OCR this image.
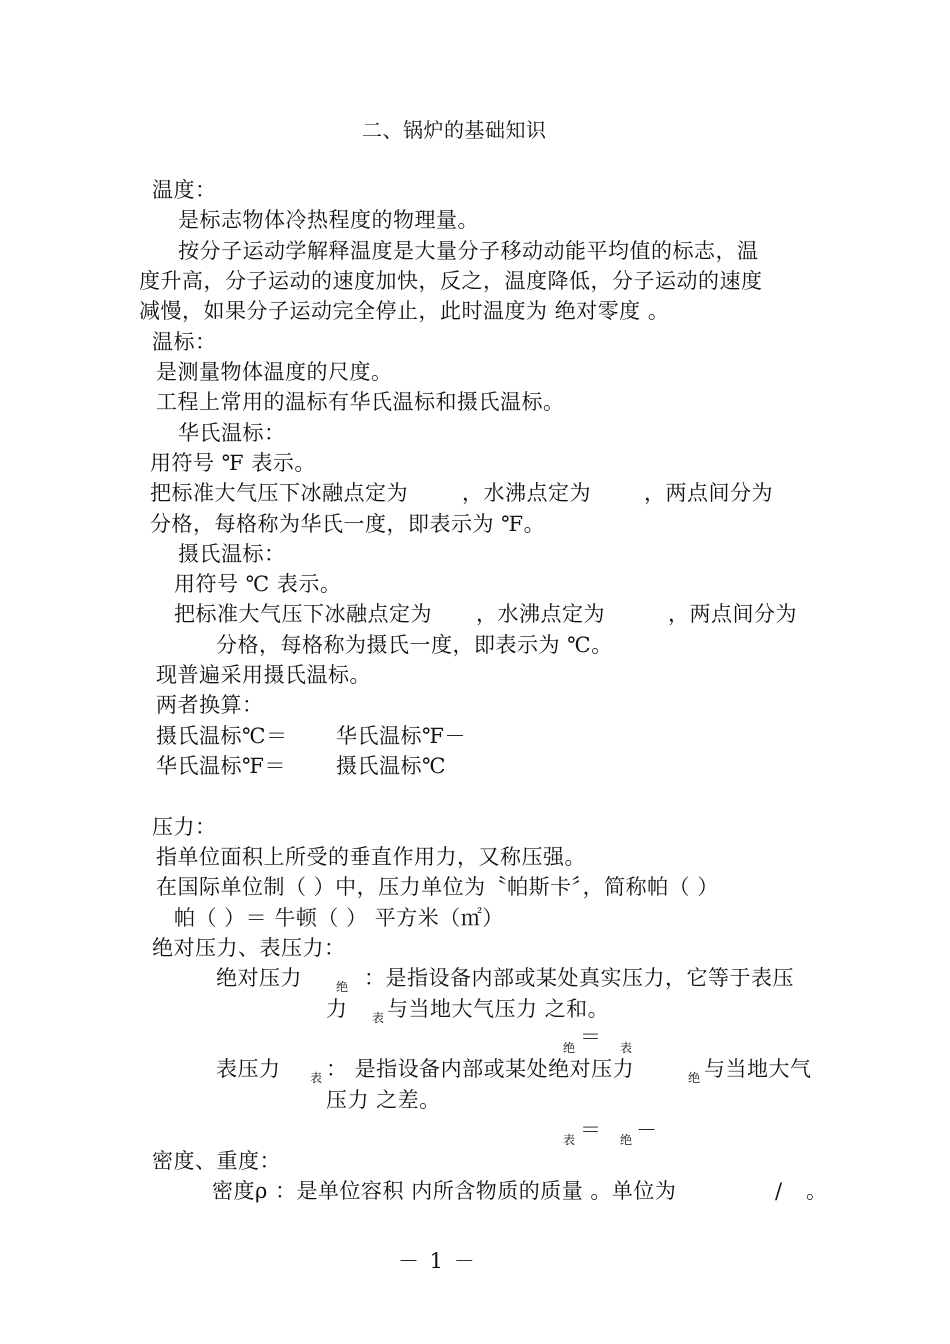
二、锅炉的基础知识
温度：
是标志物体冷热程度的物理量。
按分子运动学解释温度是大量分子移动动能平均值的标志，温
度升高，分子运动的速度加快，反之，温度降低，分子运动的速度
减慢，如果分子运动完全停止，此时温度为 绝对零度 。
温标：
是测量物体温度的尺度。
工程上常用的温标有华氏温标和摄氏温标。
华氏温标：
用符号 ℉ 表示。
把标准大气压下冰融点定为	，水沸点定为	，两点间分为
分格，每格称为华氏一度，即表示为 ℉。
摄氏温标：
用符号 ℃ 表示。
把标准大气压下冰融点定为 ，水沸点定为	，两点间分为
分格，每格称为摄氏一度，即表示为 ℃。
现普遍采用摄氏温标。
两者换算：
摄氏温标℃＝ 华氏温标℉－
华氏温标℉＝ 摄氏温标℃
压力：
指单位面积上所受的垂直作用力，又称压强。
在国际单位制（ ）中，压力单位为〝帕斯卡〞，简称帕（ ）
帕（ ）＝ 牛顿（ ） 平方米（㎡）
绝对压力、表压力：
绝对压力	绝 ：是指设备内部或某处真实压力，它等于表压
力 表 与当地大气压力 之和。
绝 ＝ 表
表压力 表 ： 是指设备内部或某处绝对压力	绝 与当地大气
压力 之差。
表 ＝ 绝 －
密度、重度：
密度ρ ：是单位容积 内所含物质的质量 。单位为	/ 。
－ 1 －
